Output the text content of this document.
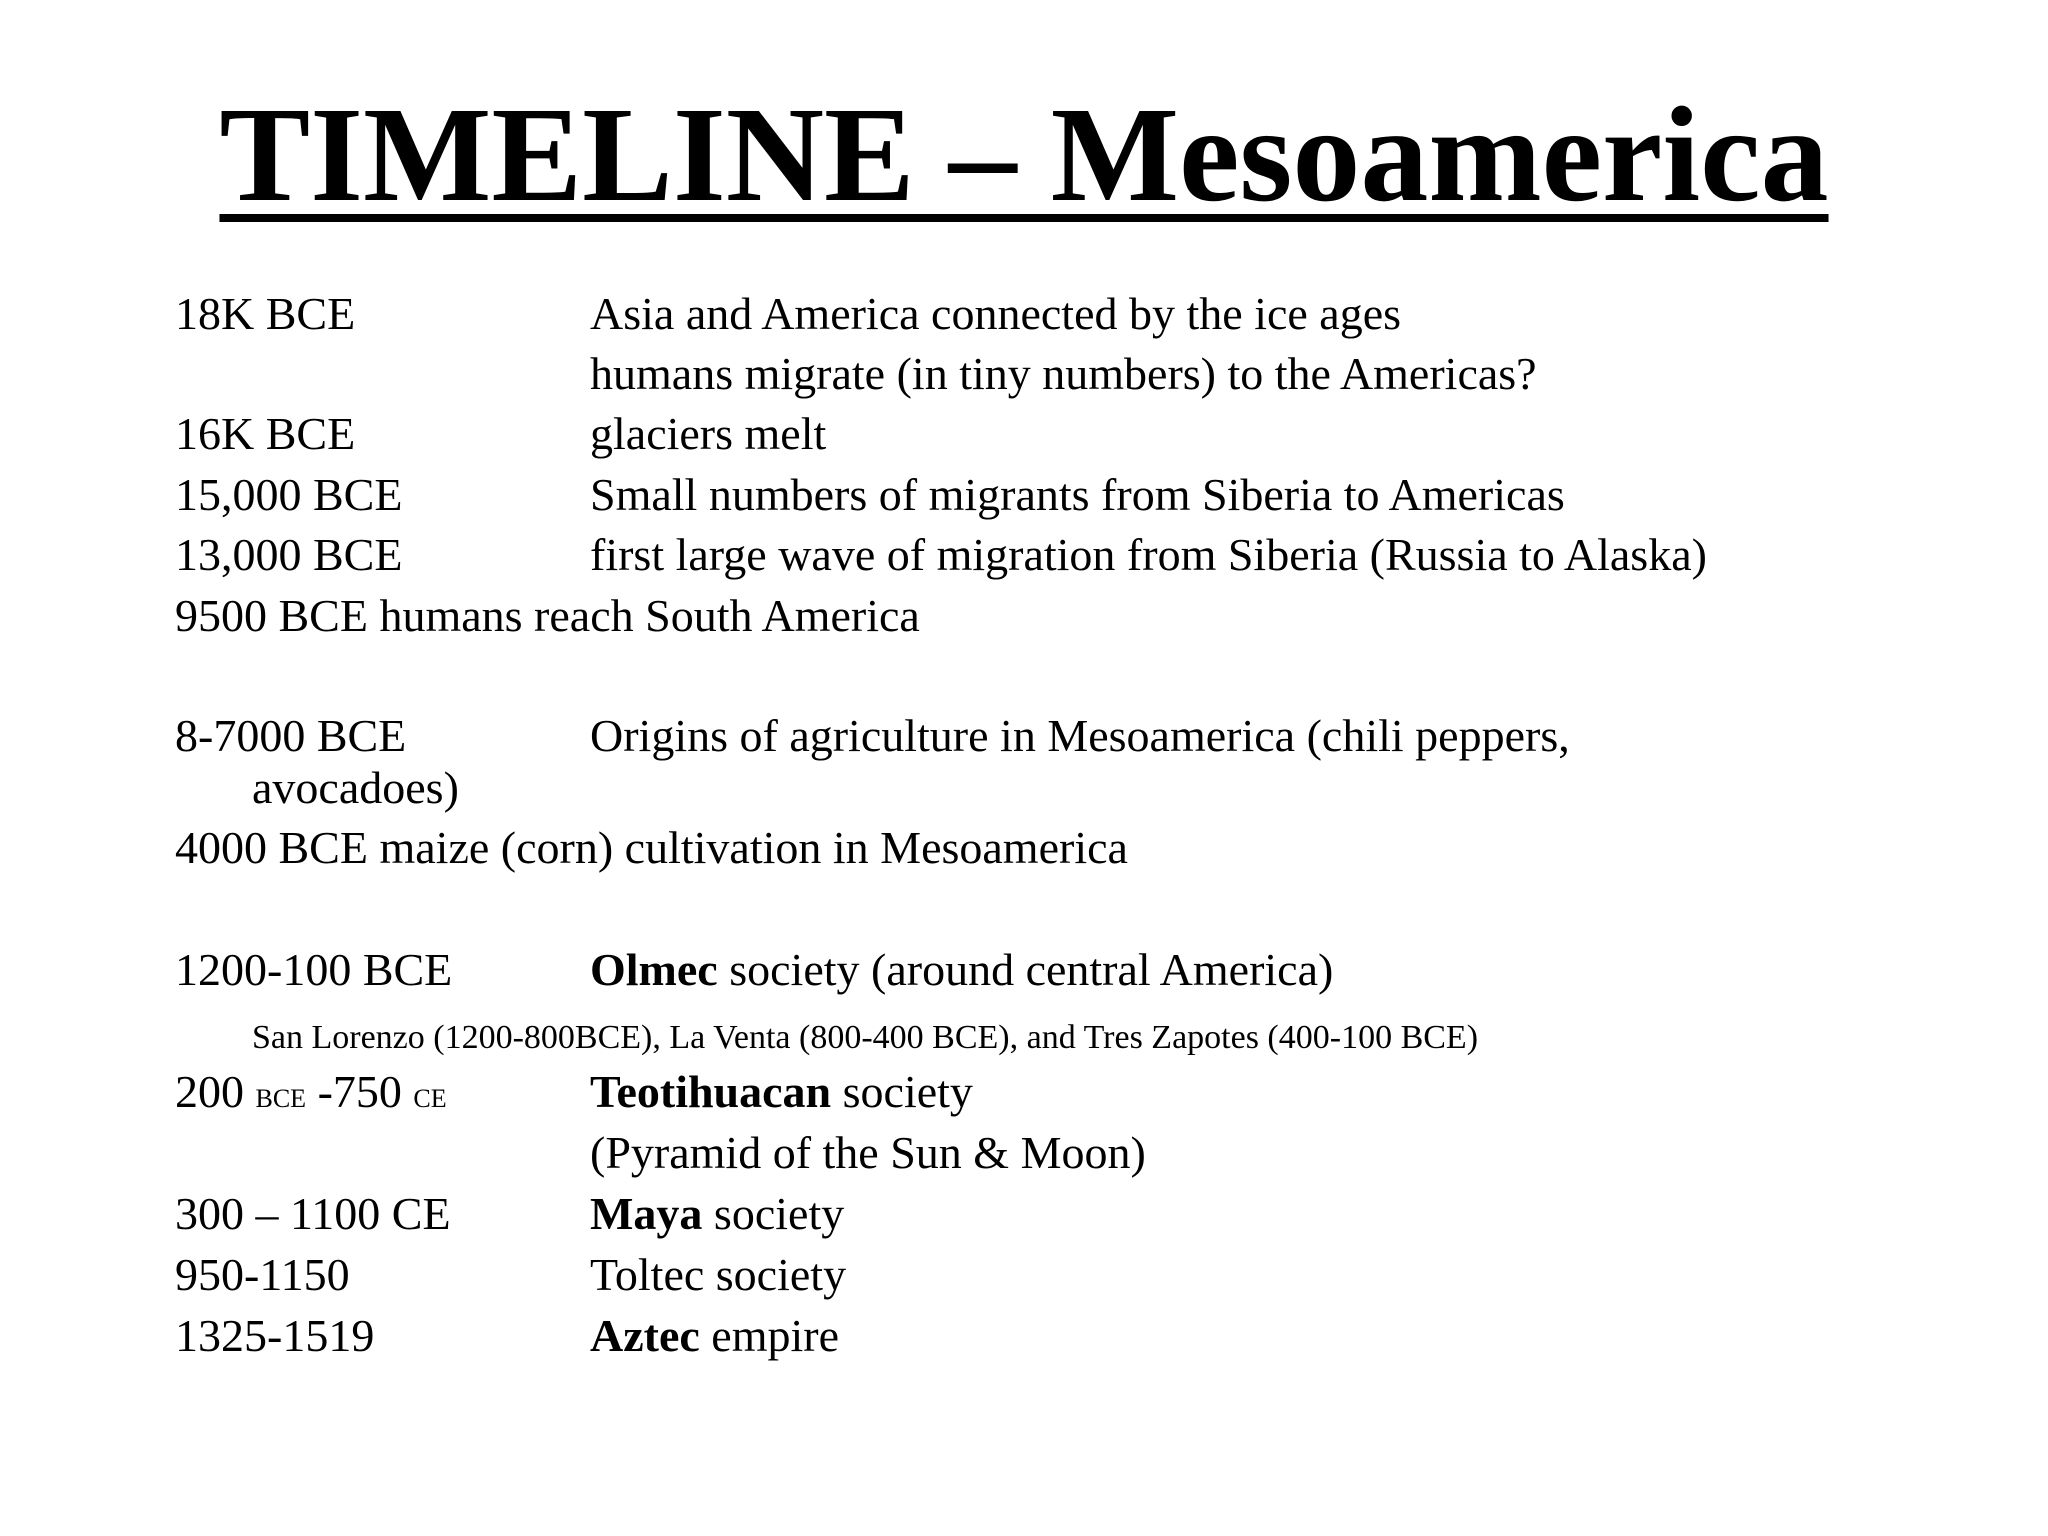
TIMELINE – Mesoamerica
18K BCE	Asia and America connected by the ice ages
humans migrate (in tiny numbers) to the Americas?
16K BCE	glaciers melt
15,000 BCE	Small numbers of migrants from Siberia to Americas
13,000 BCE	first large wave of migration from Siberia (Russia to Alaska)
9500 BCE humans reach South America
8-7000 BCE	Origins of agriculture in Mesoamerica (chili peppers,
avocadoes)
4000 BCE maize (corn) cultivation in Mesoamerica
1200-100 BCE	Olmec society (around central America)
San Lorenzo (1200-800BCE), La Venta (800-400 BCE), and Tres Zapotes (400-100 BCE)
200 BCE -750 CE	Teotihuacan society
(Pyramid of the Sun & Moon)
300 – 1100 CE	Maya society
950-1150	Toltec society
1325-1519	Aztec empire
